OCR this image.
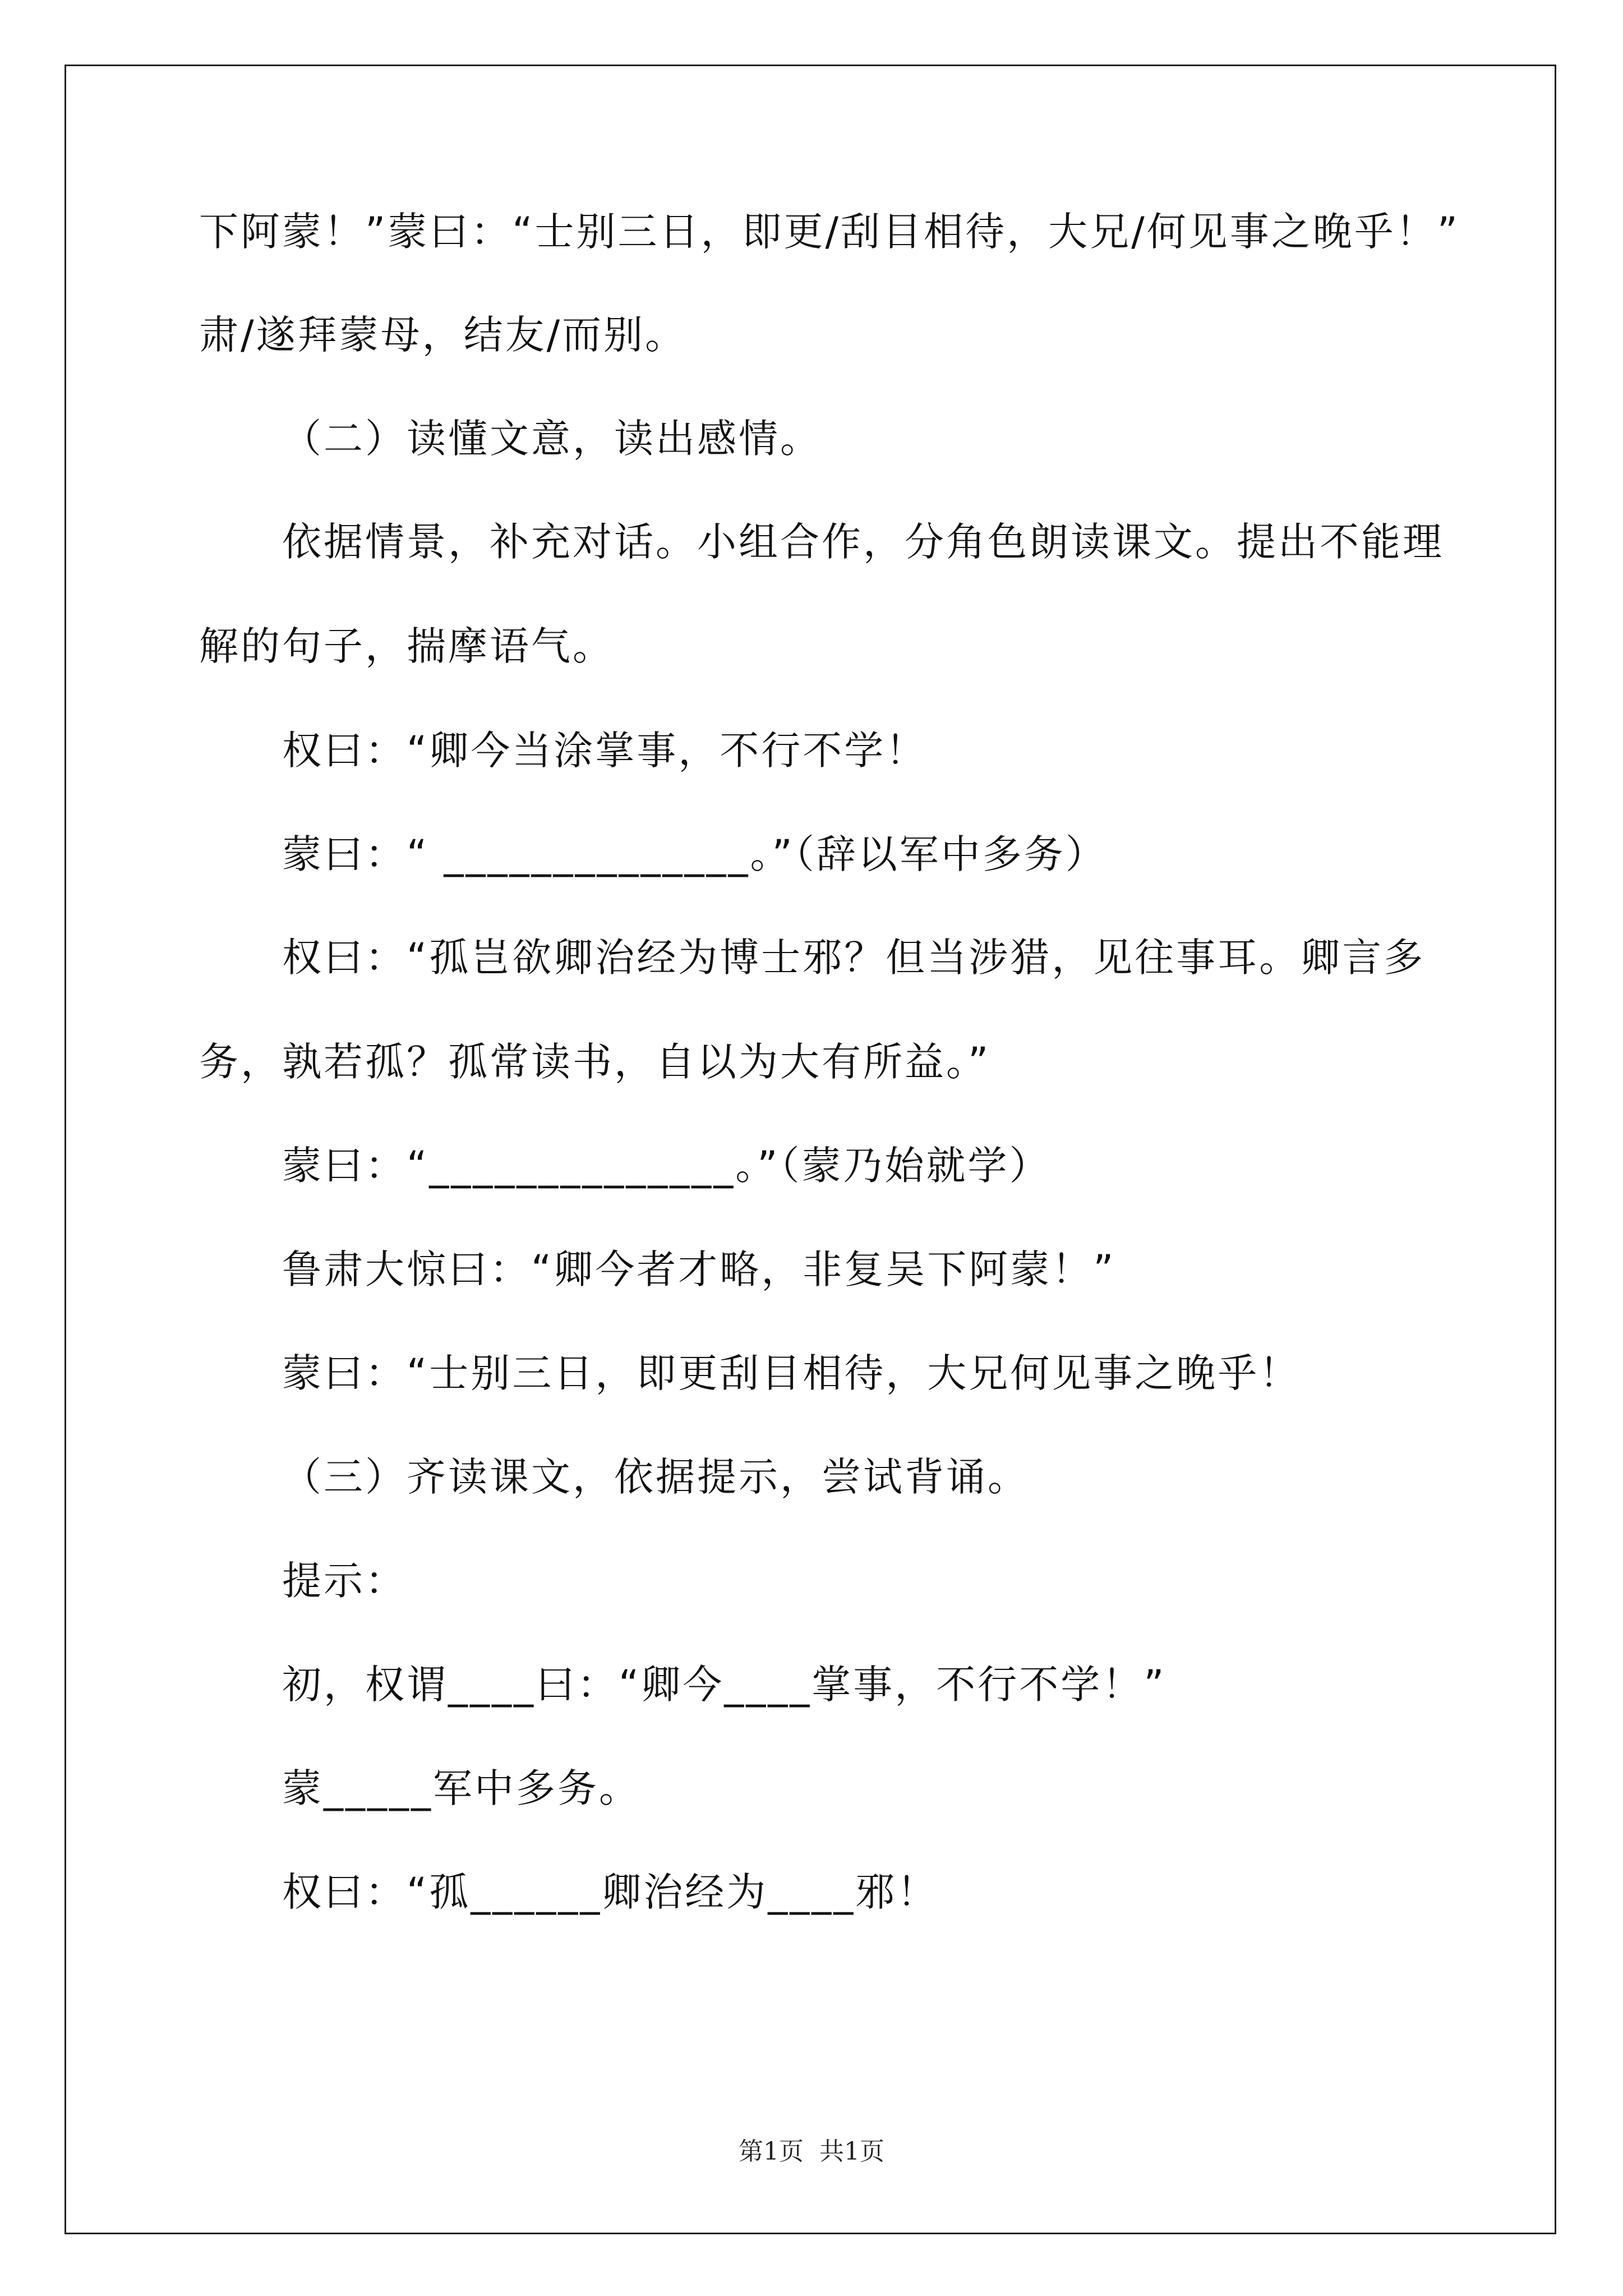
下阿蒙！”蒙曰：“士别三日，即更/刮目相待，大兄/何见事之晚乎！”
肃/遂拜蒙母，结友/而别。
（二）读懂文意，读出感情。
依据情景，补充对话。小组合作，分角色朗读课文。提出不能理
解的句子，揣摩语气。
权曰：“卿今当涂掌事，不行不学！
蒙曰：“ ______________。”（辞以军中多务）
权曰：“孤岂欲卿治经为博士邪？但当涉猎，见往事耳。卿言多
务，孰若孤？孤常读书，自以为大有所益。”
蒙曰：“______________。”（蒙乃始就学）
鲁肃大惊曰：“卿今者才略，非复吴下阿蒙！”
蒙曰：“士别三日，即更刮目相待，大兄何见事之晚乎！
（三）齐读课文，依据提示，尝试背诵。
提示：
初，权谓____曰：“卿今____掌事，不行不学！”
蒙_____军中多务。
权曰：“孤______卿治经为____邪！
第1页 共1页
